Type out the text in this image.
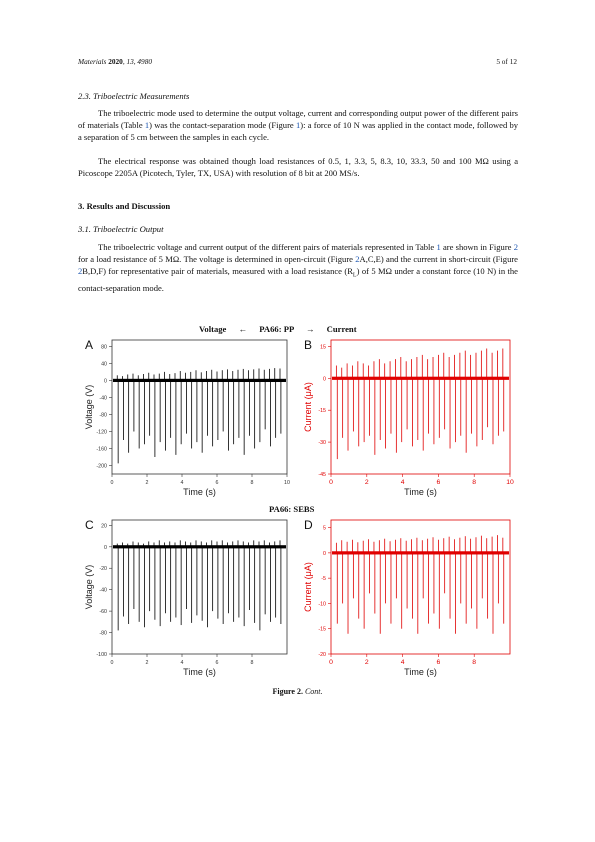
Materials 2020, 13, 4980	5 of 12
2.3. Triboelectric Measurements

The triboelectric mode used to determine the output voltage, current and corresponding output power of the different pairs of materials (Table 1) was the contact-separation mode (Figure 1): a force of 10 N was applied in the contact mode, followed by a separation of 5 cm between the samples in each cycle.

The electrical response was obtained though load resistances of 0.5, 1, 3.3, 5, 8.3, 10, 33.3, 50 and 100 MΩ using a Picoscope 2205A (Picotech, Tyler, TX, USA) with resolution of 8 bit at 200 MS/s.

3. Results and Discussion
3.1. Triboelectric Output

The triboelectric voltage and current output of the different pairs of materials represented in Table 1 are shown in Figure 2 for a load resistance of 5 MΩ. The voltage is determined in open-circuit (Figure 2A,C,E) and the current in short-circuit (Figure 2B,D,F) for representative pair of materials, measured with a load resistance $(R_L)$ of 5 MΩ under a constant force (10 N) in the contact-separation mode.

Voltage ← PA66: PP → Current
PA66: SEBS
80
40
0
-40
-80
-120
-160
-200
0	2	4	6	8	10
Time (s)
Voltage (V)
A	15
0
-15
-30
-45
0	2	4	6	8	10
Time (s)
Current (μA)
B
20
0
-20
-40
-60
-80
-100
0	2	4	6	8
Time (s)
Voltage (V)
C	5
0
-5
-10
-15
-20
0	2	4	6	8
Time (s)
Current (μA)
D
Figure 2. Cont.
